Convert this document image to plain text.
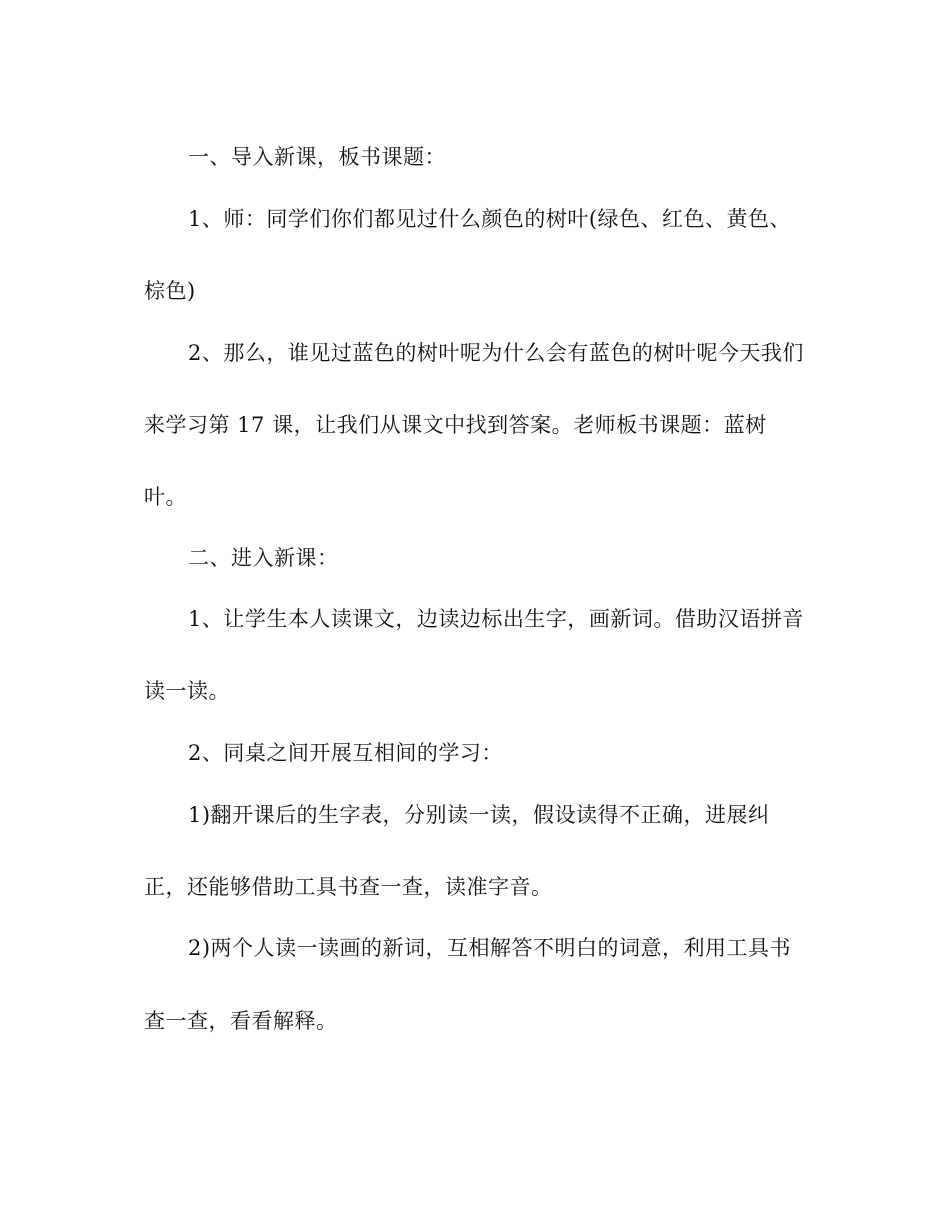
一、导入新课，板书课题：
1、师：同学们你们都见过什么颜色的树叶(绿色、红色、黄色、
棕色)
2、那么，谁见过蓝色的树叶呢为什么会有蓝色的树叶呢今天我们
来学习第 17 课，让我们从课文中找到答案。老师板书课题：蓝树
叶。
二、进入新课：
1、让学生本人读课文，边读边标出生字，画新词。借助汉语拼音
读一读。
2、同桌之间开展互相间的学习：
1)翻开课后的生字表，分别读一读，假设读得不正确，进展纠
正，还能够借助工具书查一查，读准字音。
2)两个人读一读画的新词，互相解答不明白的词意，利用工具书
查一查，看看解释。
